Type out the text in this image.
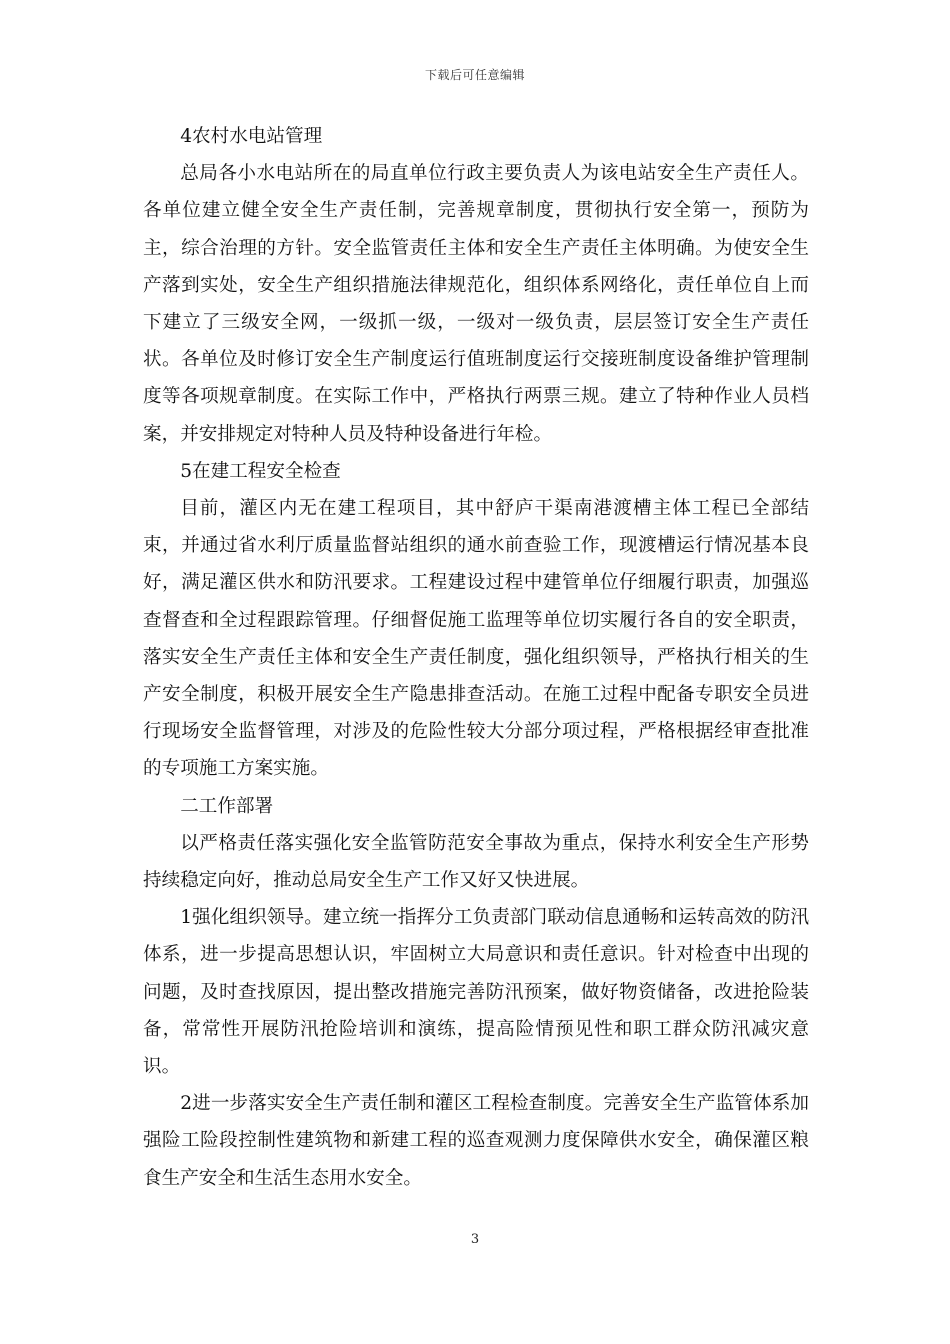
下载后可任意编辑

4农村水电站管理

总局各小水电站所在的局直单位行政主要负责人为该电站安全生产责任人。各单位建立健全安全生产责任制，完善规章制度，贯彻执行安全第一，预防为主，综合治理的方针。安全监管责任主体和安全生产责任主体明确。为使安全生产落到实处，安全生产组织措施法律规范化，组织体系网络化，责任单位自上而下建立了三级安全网，一级抓一级，一级对一级负责，层层签订安全生产责任状。各单位及时修订安全生产制度运行值班制度运行交接班制度设备维护管理制度等各项规章制度。在实际工作中，严格执行两票三规。建立了特种作业人员档案，并安排规定对特种人员及特种设备进行年检。

5在建工程安全检查

目前，灌区内无在建工程项目，其中舒庐干渠南港渡槽主体工程已全部结束，并通过省水利厅质量监督站组织的通水前查验工作，现渡槽运行情况基本良好，满足灌区供水和防汛要求。工程建设过程中建管单位仔细履行职责，加强巡查督查和全过程跟踪管理。仔细督促施工监理等单位切实履行各自的安全职责，落实安全生产责任主体和安全生产责任制度，强化组织领导，严格执行相关的生产安全制度，积极开展安全生产隐患排查活动。在施工过程中配备专职安全员进行现场安全监督管理，对涉及的危险性较大分部分项过程，严格根据经审查批准的专项施工方案实施。

二工作部署

以严格责任落实强化安全监管防范安全事故为重点，保持水利安全生产形势持续稳定向好，推动总局安全生产工作又好又快进展。

1强化组织领导。建立统一指挥分工负责部门联动信息通畅和运转高效的防汛体系，进一步提高思想认识，牢固树立大局意识和责任意识。针对检查中出现的问题，及时查找原因，提出整改措施完善防汛预案，做好物资储备，改进抢险装备，常常性开展防汛抢险培训和演练，提高险情预见性和职工群众防汛减灾意识。

2进一步落实安全生产责任制和灌区工程检查制度。完善安全生产监管体系加强险工险段控制性建筑物和新建工程的巡查观测力度保障供水安全，确保灌区粮食生产安全和生活生态用水安全。

3
